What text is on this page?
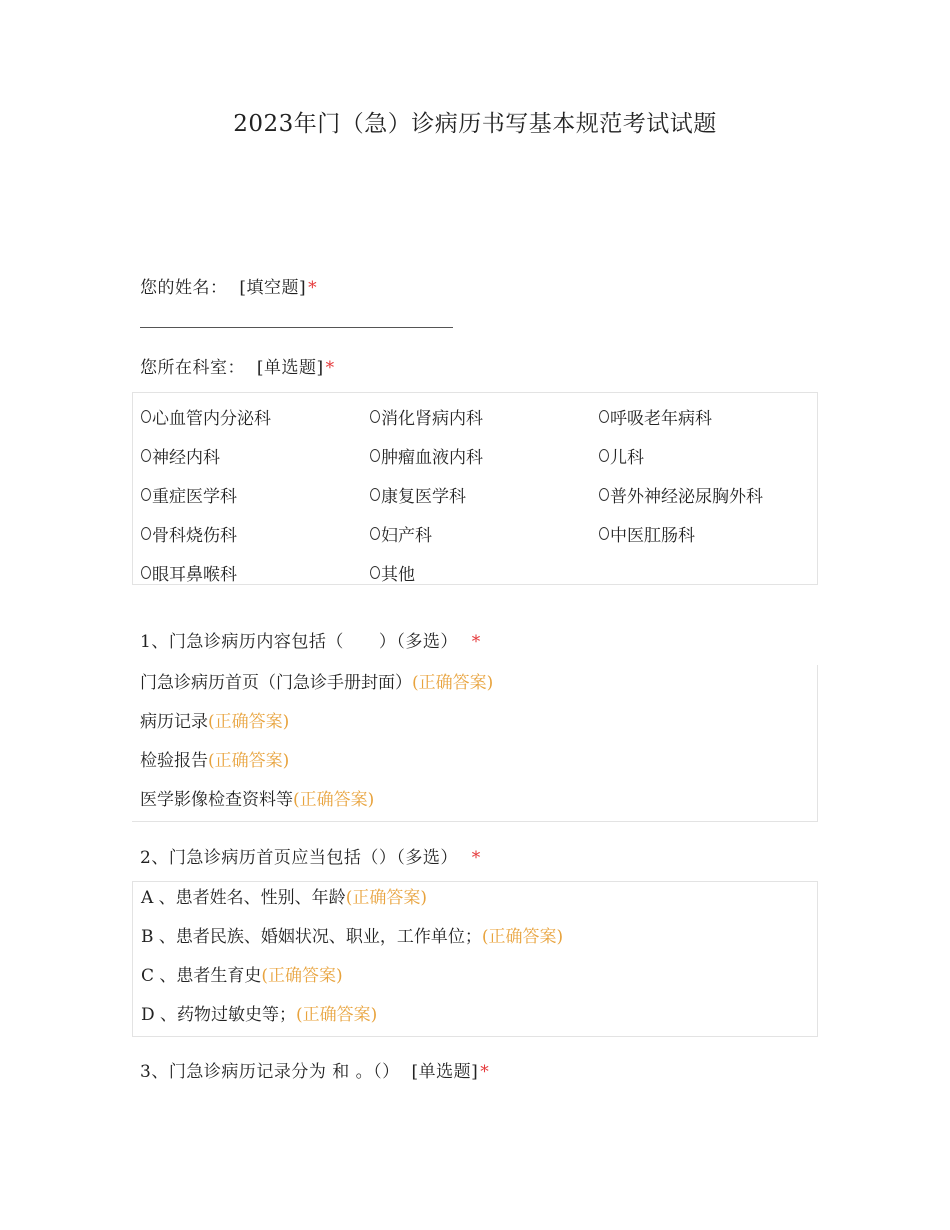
2023年门（急）诊病历书写基本规范考试试题
您的姓名： [填空题] *
您所在科室： [单选题] *
心血管内分泌科	消化肾病内科	呼吸老年病科
神经内科	肿瘤血液内科	儿科
重症医学科	康复医学科	普外神经泌尿胸外科
骨科烧伤科	妇产科	中医肛肠科
眼耳鼻喉科	其他
1、门急诊病历内容包括（　　）（多选） *
门急诊病历首页（门急诊手册封面）(正确答案)
病历记录(正确答案)
检验报告(正确答案)
医学影像检查资料等(正确答案)
2、门急诊病历首页应当包括（）（多选） *
A 、患者姓名、性别、年龄(正确答案)
B 、患者民族、婚姻状况、职业，工作单位；(正确答案)
C 、患者生育史(正确答案)
D 、药物过敏史等；(正确答案)
3、门急诊病历记录分为 和 。（） [单选题] *
